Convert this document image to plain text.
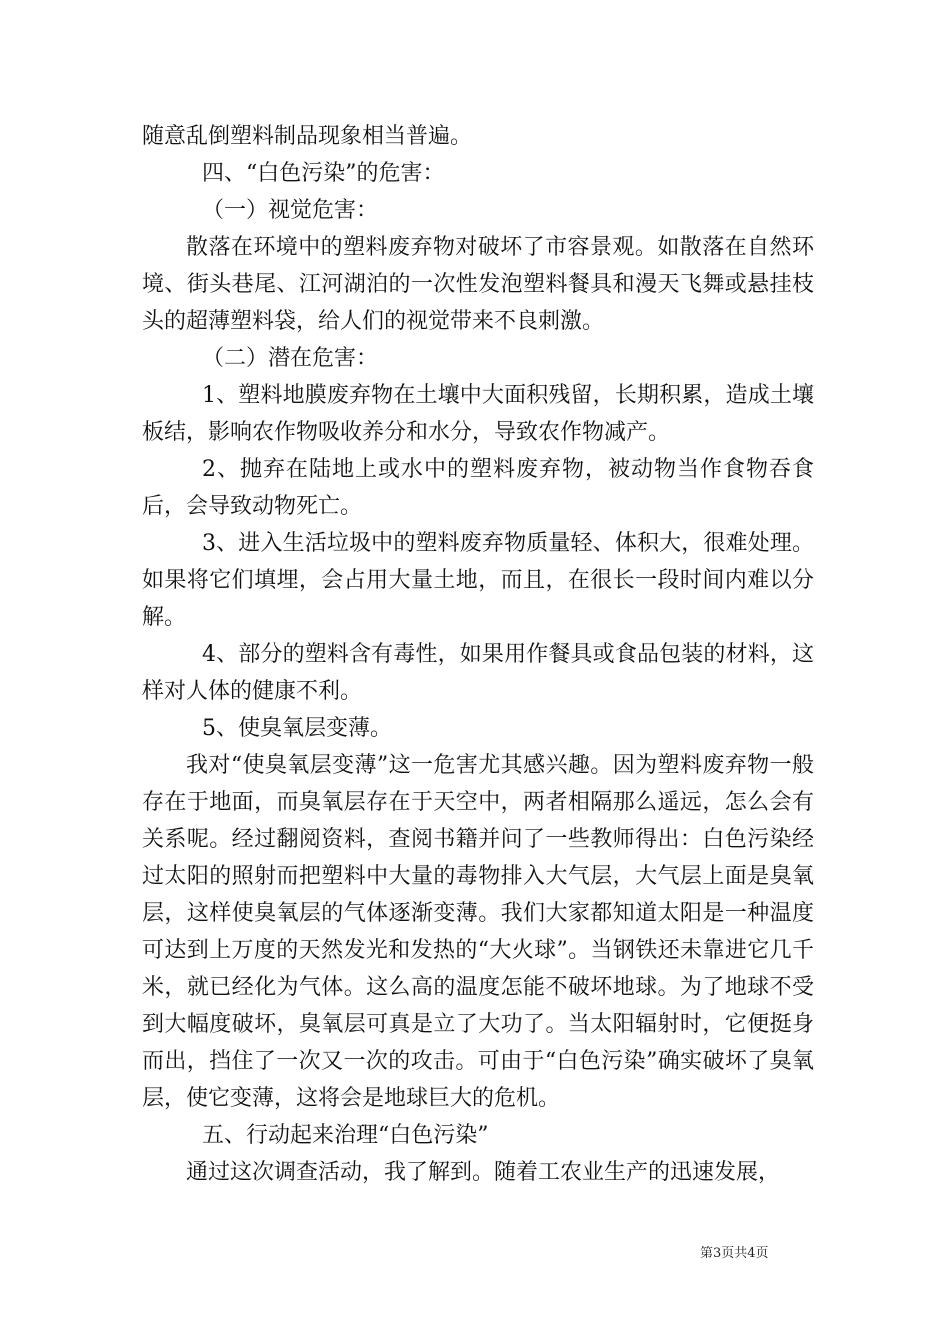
随意乱倒塑料制品现象相当普遍。

四、“白色污染”的危害：

（一）视觉危害：

散落在环境中的塑料废弃物对破坏了市容景观。如散落在自然环境、街头巷尾、江河湖泊的一次性发泡塑料餐具和漫天飞舞或悬挂枝头的超薄塑料袋，给人们的视觉带来不良刺激。

（二）潜在危害：

1、塑料地膜废弃物在土壤中大面积残留，长期积累，造成土壤板结，影响农作物吸收养分和水分，导致农作物减产。

2、抛弃在陆地上或水中的塑料废弃物，被动物当作食物吞食后，会导致动物死亡。

3、进入生活垃圾中的塑料废弃物质量轻、体积大，很难处理。如果将它们填埋，会占用大量土地，而且，在很长一段时间内难以分解。

4、部分的塑料含有毒性，如果用作餐具或食品包装的材料，这样对人体的健康不利。

5、使臭氧层变薄。

我对“使臭氧层变薄”这一危害尤其感兴趣。因为塑料废弃物一般存在于地面，而臭氧层存在于天空中，两者相隔那么遥远，怎么会有关系呢。经过翻阅资料，查阅书籍并问了一些教师得出：白色污染经过太阳的照射而把塑料中大量的毒物排入大气层，大气层上面是臭氧层，这样使臭氧层的气体逐渐变薄。我们大家都知道太阳是一种温度可达到上万度的天然发光和发热的“大火球”。当钢铁还未靠进它几千米，就已经化为气体。这么高的温度怎能不破坏地球。为了地球不受到大幅度破坏，臭氧层可真是立了大功了。当太阳辐射时，它便挺身而出，挡住了一次又一次的攻击。可由于“白色污染”确实破坏了臭氧层，使它变薄，这将会是地球巨大的危机。

五、行动起来治理“白色污染”

通过这次调查活动，我了解到。随着工农业生产的迅速发展，

第3页共4页
